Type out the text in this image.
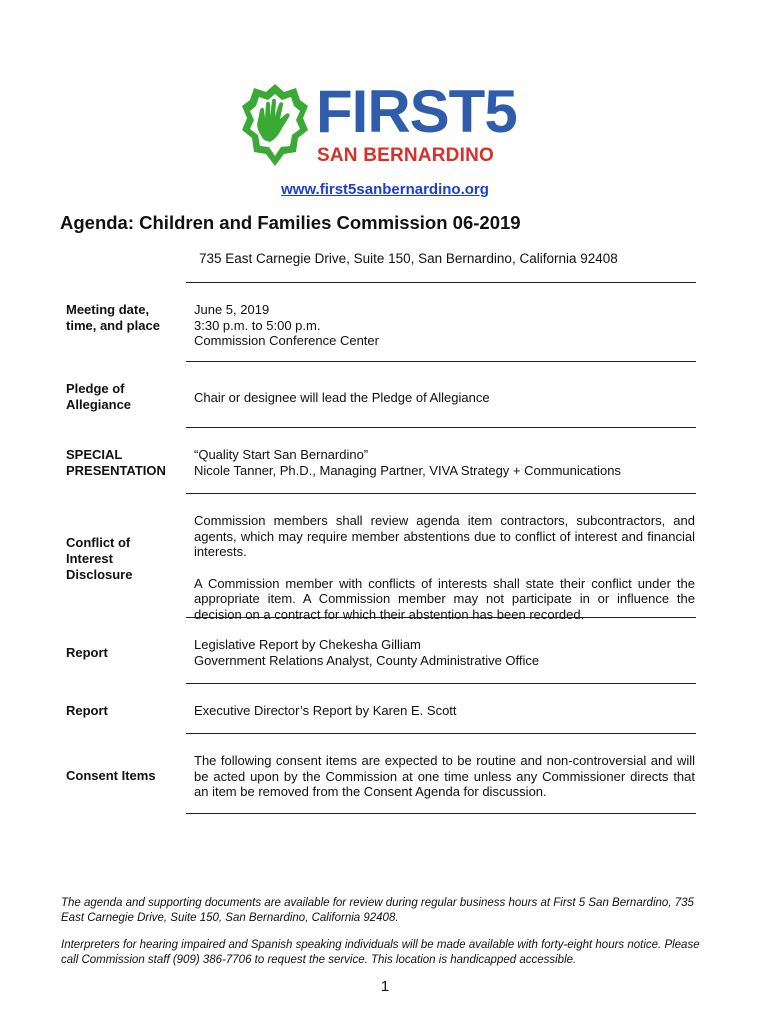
FIRST5
SAN BERNARDINO
www.first5sanbernardino.org
Agenda: Children and Families Commission 06-2019
735 East Carnegie Drive, Suite 150, San Bernardino, California 92408
Meeting date,
time, and place

June 5, 2019

3:30 p.m. to 5:00 p.m.

Commission Conference Center

Pledge of
Allegiance	Chair or designee will lead the Pledge of Allegiance

SPECIAL
PRESENTATION

“Quality Start San Bernardino”

Nicole Tanner, Ph.D., Managing Partner, VIVA Strategy + Communications

Conflict of
Interest
Disclosure

Commission members shall review agenda item contractors, subcontractors, and agents, which may require member abstentions due to conflict of interest and financial interests.

A Commission member with conflicts of interests shall state their conflict under the appropriate item. A Commission member may not participate in or influence the decision on a contract for which their abstention has been recorded.

Report

Legislative Report by Chekesha Gilliam

Government Relations Analyst, County Administrative Office

Report	Executive Director’s Report by Karen E. Scott

Consent Items

The following consent items are expected to be routine and non-controversial and will be acted upon by the Commission at one time unless any Commissioner directs that an item be removed from the Consent Agenda for discussion.

The agenda and supporting documents are available for review during regular business hours at First 5 San Bernardino, 735 East Carnegie Drive, Suite 150, San Bernardino, California 92408.

Interpreters for hearing impaired and Spanish speaking individuals will be made available with forty-eight hours notice. Please call Commission staff (909) 386-7706 to request the service. This location is handicapped accessible.

1
